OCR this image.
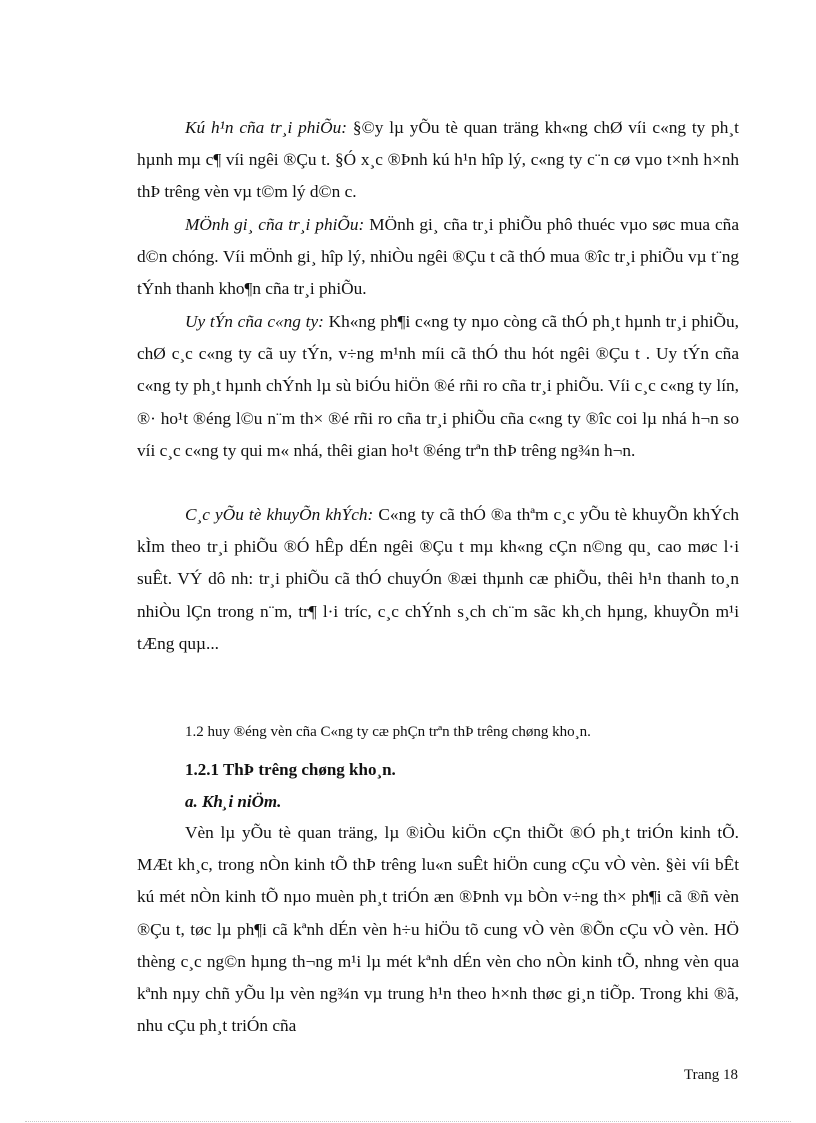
Kú h¹n cña tr¸i phiÕu: §©y lµ yÕu tè quan träng kh«ng chØ víi c«ng ty ph¸t hµnh mµ c¶ víi ngêi ®Çu t. §Ó x¸c ®Þnh kú h¹n hîp lý, c«ng ty c¨n cø vµo t×nh h×nh thÞ trêng vèn vµ t©m lý d©n c.

MÖnh gi¸ cña tr¸i phiÕu: MÖnh gi¸ cña tr¸i phiÕu phô thuéc vµo søc mua cña d©n chóng. Víi mÖnh gi¸ hîp lý, nhiÒu ngêi ®Çu t cã thÓ mua ®îc tr¸i phiÕu vµ t¨ng tÝnh thanh kho¶n cña tr¸i phiÕu.

Uy tÝn cña c«ng ty: Kh«ng ph¶i c«ng ty nµo còng cã thÓ ph¸t hµnh tr¸i phiÕu, chØ c¸c c«ng ty cã uy tÝn, v÷ng m¹nh míi cã thÓ thu hót ngêi ®Çu t . Uy tÝn cña c«ng ty ph¸t hµnh chÝnh lµ sù biÓu hiÖn ®é rñi ro cña tr¸i phiÕu. Víi c¸c c«ng ty lín, ®· ho¹t ®éng l©u n¨m th× ®é rñi ro cña tr¸i phiÕu cña c«ng ty ®îc coi lµ nhá h¬n so víi c¸c c«ng ty qui m« nhá, thêi gian ho¹t ®éng trªn thÞ trêng ng¾n h¬n.

C¸c yÕu tè khuyÕn khÝch: C«ng ty cã thÓ ®a thªm c¸c yÕu tè khuyÕn khÝch kÌm theo tr¸i phiÕu ®Ó hÊp dÉn ngêi ®Çu t mµ kh«ng cÇn n©ng qu¸ cao møc l·i suÊt. VÝ dô nh: tr¸i phiÕu cã thÓ chuyÓn ®æi thµnh cæ phiÕu, thêi h¹n thanh to¸n nhiÒu lÇn trong n¨m, tr¶ l·i tríc, c¸c chÝnh s¸ch ch¨m sãc kh¸ch hµng, khuyÕn m¹i tÆng quµ...

1.2 huy ®éng vèn cña C«ng ty cæ phÇn trªn thÞ trêng chøng kho¸n.

1.2.1 ThÞ trêng chøng kho¸n.

a. Kh¸i niÖm.

Vèn lµ yÕu tè quan träng, lµ ®iÒu kiÖn cÇn thiÕt ®Ó ph¸t triÓn kinh tÕ. MÆt kh¸c, trong nÒn kinh tÕ thÞ trêng lu«n suÊt hiÖn cung cÇu vÒ vèn. §èi víi bÊt kú mét nÒn kinh tÕ nµo muèn ph¸t triÓn æn ®Þnh vµ bÒn v÷ng th× ph¶i cã ®ñ vèn ®Çu t, tøc lµ ph¶i cã kªnh dÉn vèn h÷u hiÖu tõ cung vÒ vèn ®Õn cÇu vÒ vèn. HÖ thèng c¸c ng©n hµng th¬ng m¹i lµ mét kªnh dÉn vèn cho nÒn kinh tÕ, nhng vèn qua kªnh nµy chñ yÕu lµ vèn ng¾n vµ trung h¹n theo h×nh thøc gi¸n tiÕp. Trong khi ®ã, nhu cÇu ph¸t triÓn cña

Trang 18
